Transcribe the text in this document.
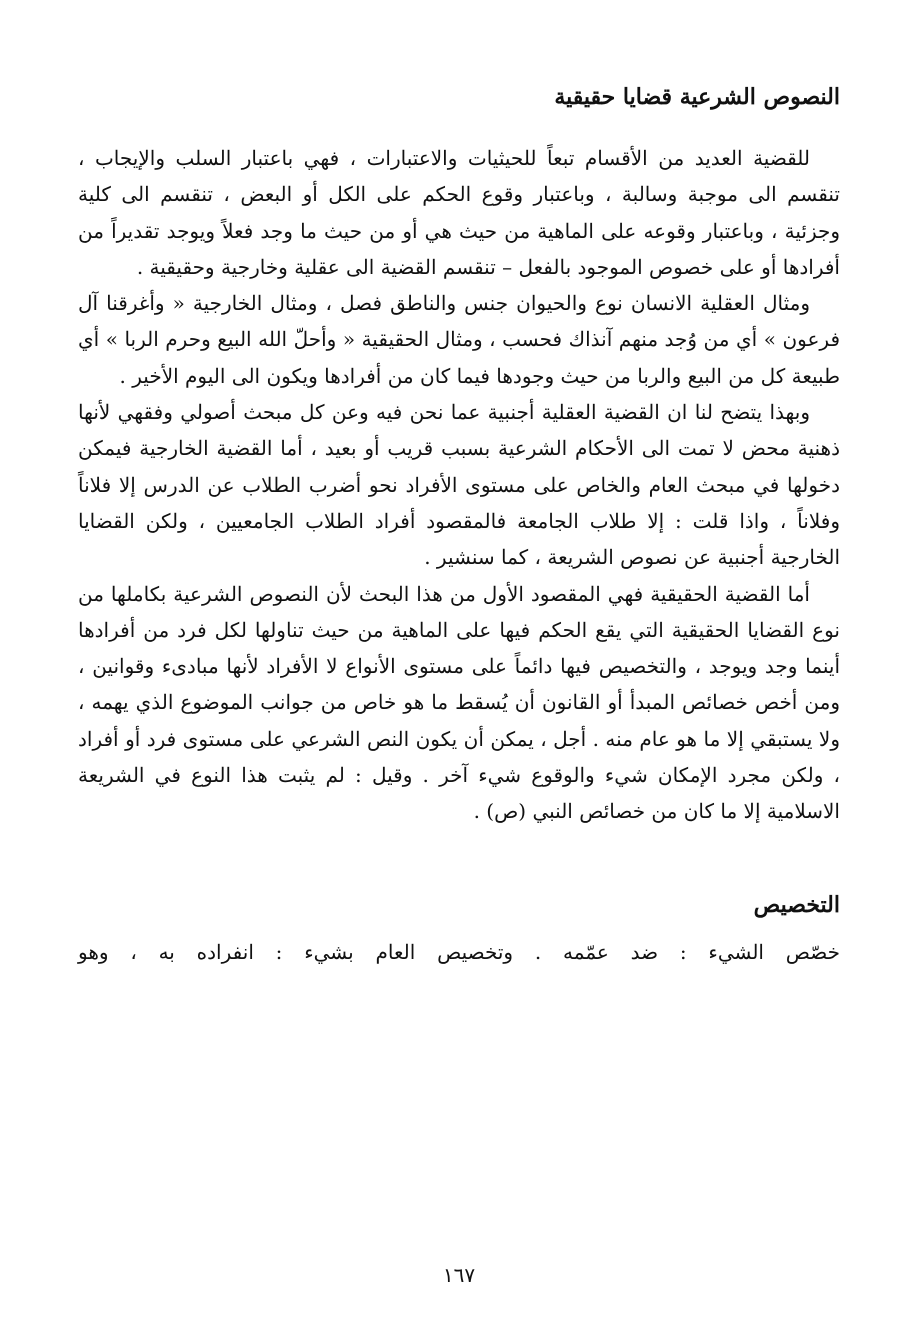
النصوص الشرعية قضايا حقيقية

للقضية العديد من الأقسام تبعاً للحيثيات والاعتبارات ، فهي باعتبار السلب والإيجاب ، تنقسم الى موجبة وسالبة ، وباعتبار وقوع الحكم على الكل أو البعض ، تنقسم الى كلية وجزئية ، وباعتبار وقوعه على الماهية من حيث هي أو من حيث ما وجد فعلاً ويوجد تقديراً من أفرادها أو على خصوص الموجود بالفعل – تنقسم القضية الى عقلية وخارجية وحقيقية .

ومثال العقلية الانسان نوع والحيوان جنس والناطق فصل ، ومثال الخارجية « وأغرقنا آل فرعون » أي من وُجد منهم آنذاك فحسب ، ومثال الحقيقية « وأحلّ الله البيع وحرم الربا » أي طبيعة كل من البيع والربا من حيث وجودها فيما كان من أفرادها ويكون الى اليوم الأخير .

وبهذا يتضح لنا ان القضية العقلية أجنبية عما نحن فيه وعن كل مبحث أصولي وفقهي لأنها ذهنية محض لا تمت الى الأحكام الشرعية بسبب قريب أو بعيد ، أما القضية الخارجية فيمكن دخولها في مبحث العام والخاص على مستوى الأفراد نحو أضرب الطلاب عن الدرس إلا فلاناً وفلاناً ، واذا قلت : إلا طلاب الجامعة فالمقصود أفراد الطلاب الجامعيين ، ولكن القضايا الخارجية أجنبية عن نصوص الشريعة ، كما سنشير .

أما القضية الحقيقية فهي المقصود الأول من هذا البحث لأن النصوص الشرعية بكاملها من نوع القضايا الحقيقية التي يقع الحكم فيها على الماهية من حيث تناولها لكل فرد من أفرادها أينما وجد ويوجد ، والتخصيص فيها دائماً على مستوى الأنواع لا الأفراد لأنها مبادىء وقوانين ، ومن أخص خصائص المبدأ أو القانون أن يُسقط ما هو خاص من جوانب الموضوع الذي يهمه ، ولا يستبقي إلا ما هو عام منه . أجل ، يمكن أن يكون النص الشرعي على مستوى فرد أو أفراد ، ولكن مجرد الإمكان شيء والوقوع شيء آخر . وقيل : لم يثبت هذا النوع في الشريعة الاسلامية إلا ما كان من خصائص النبي (ص) .

التخصيص

خصّص الشيء : ضد عمّمه . وتخصيص العام بشيء : انفراده به ، وهو

١٦٧
